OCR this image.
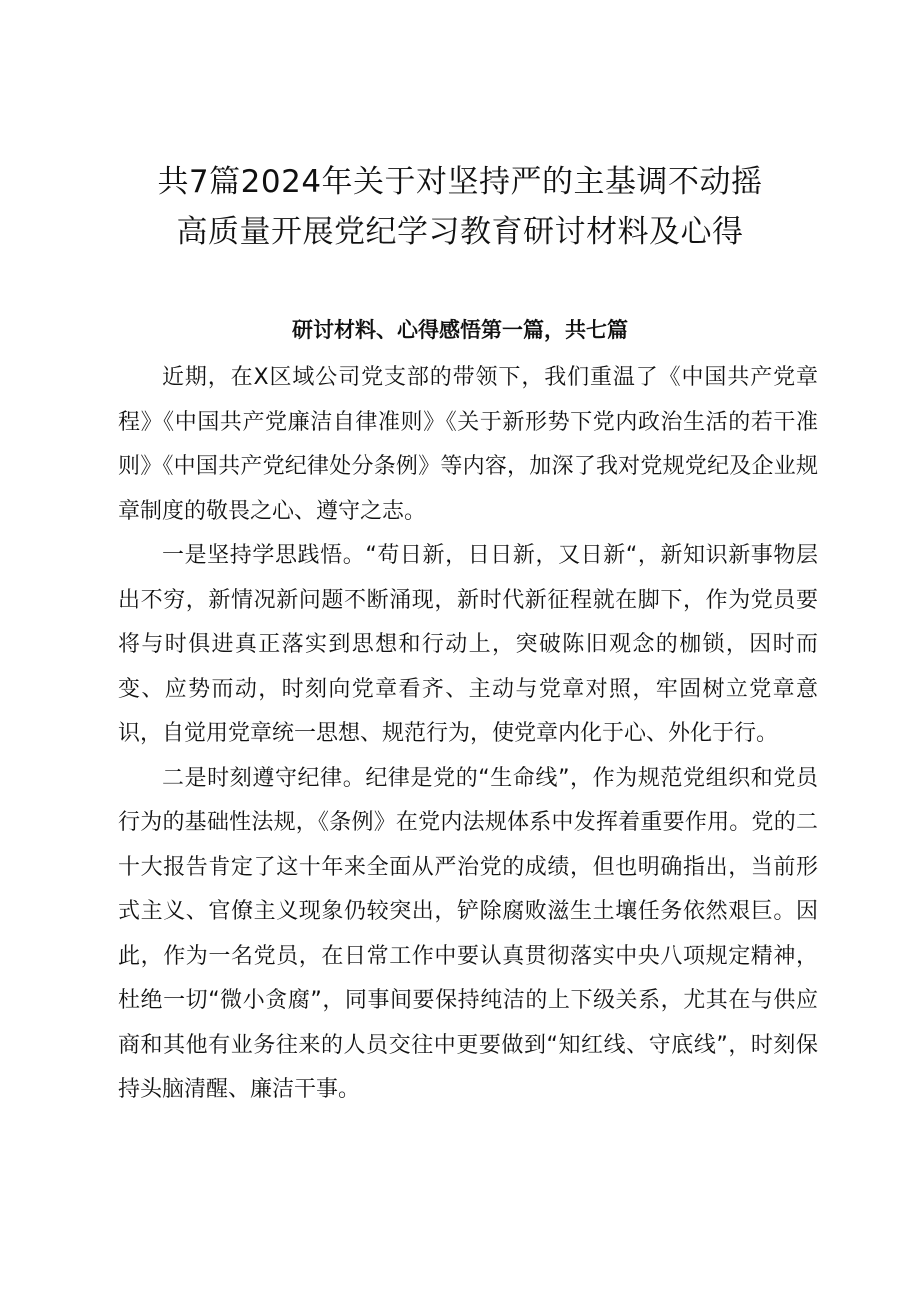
共7篇2024年关于对坚持严的主基调不动摇
高质量开展党纪学习教育研讨材料及心得
研讨材料、心得感悟第一篇，共七篇

近期，在X区域公司党支部的带领下，我们重温了《中国共产党章程》《中国共产党廉洁自律准则》《关于新形势下党内政治生活的若干准则》《中国共产党纪律处分条例》等内容，加深了我对党规党纪及企业规章制度的敬畏之心、遵守之志。

一是坚持学思践悟。“苟日新，日日新，又日新“，新知识新事物层出不穷，新情况新问题不断涌现，新时代新征程就在脚下，作为党员要将与时俱进真正落实到思想和行动上，突破陈旧观念的枷锁，因时而变、应势而动，时刻向党章看齐、主动与党章对照，牢固树立党章意识，自觉用党章统一思想、规范行为，使党章内化于心、外化于行。

二是时刻遵守纪律。纪律是党的“生命线”，作为规范党组织和党员行为的基础性法规，《条例》在党内法规体系中发挥着重要作用。党的二十大报告肯定了这十年来全面从严治党的成绩，但也明确指出，当前形式主义、官僚主义现象仍较突出，铲除腐败滋生土壤任务依然艰巨。因此，作为一名党员，在日常工作中要认真贯彻落实中央八项规定精神，杜绝一切“微小贪腐”，同事间要保持纯洁的上下级关系，尤其在与供应商和其他有业务往来的人员交往中更要做到“知红线、守底线”，时刻保持头脑清醒、廉洁干事。
